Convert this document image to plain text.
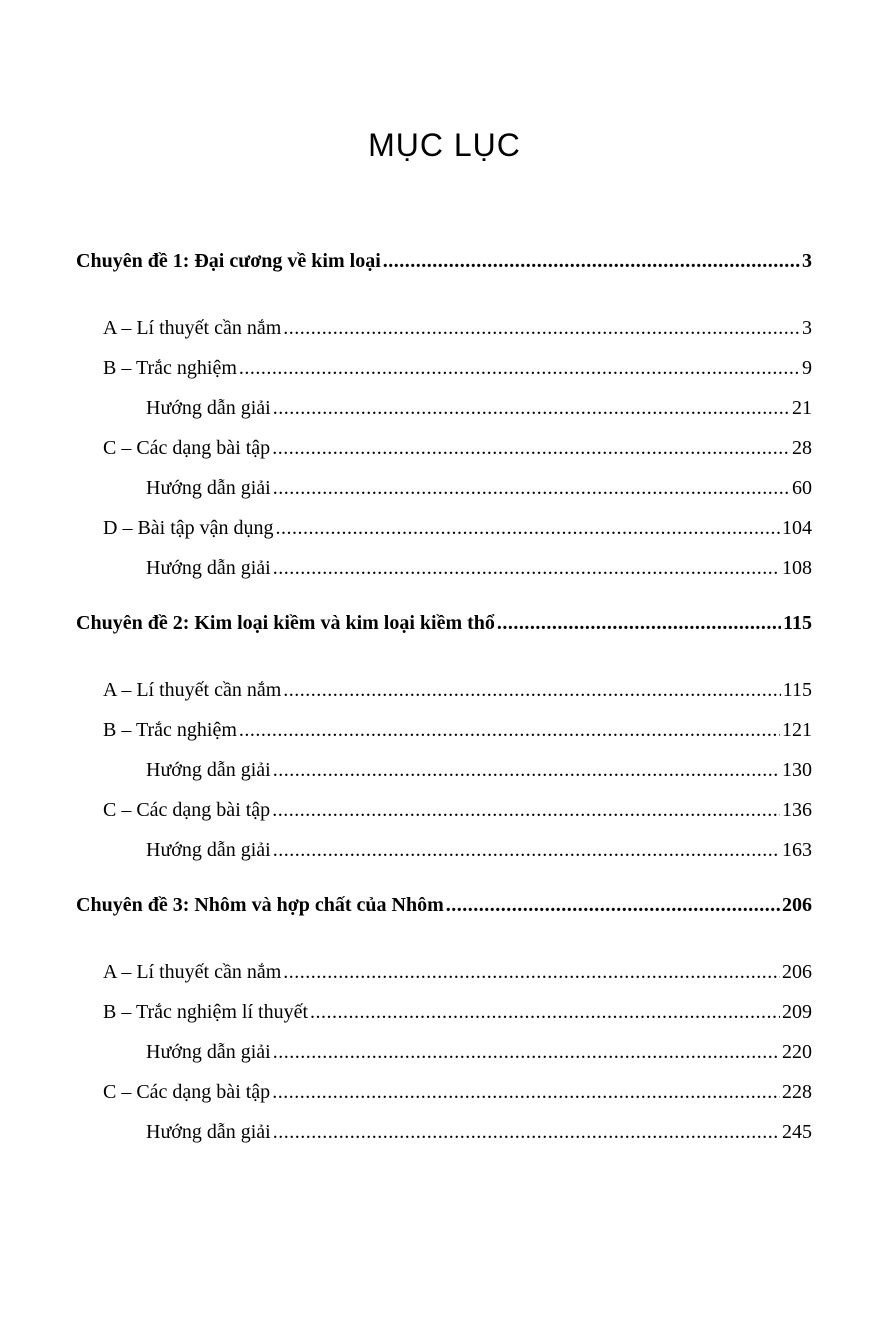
MỤC LỤC
Chuyên đề 1: Đại cương về kim loại .....	3
A – Lí thuyết cần nắm .....	3
B – Trắc nghiệm .....	9
Hướng dẫn giải .....	21
C – Các dạng bài tập .....	28
Hướng dẫn giải .....	60
D – Bài tập vận dụng .....	104
Hướng dẫn giải .....	108
Chuyên đề 2: Kim loại kiềm và kim loại kiềm thổ .....	115
A – Lí thuyết cần nắm .....	115
B – Trắc nghiệm .....	121
Hướng dẫn giải .....	130
C – Các dạng bài tập .....	136
Hướng dẫn giải .....	163
Chuyên đề 3: Nhôm và hợp chất của Nhôm .....	206
A – Lí thuyết cần nắm .....	206
B – Trắc nghiệm lí thuyết .....	209
Hướng dẫn giải .....	220
C – Các dạng bài tập .....	228
Hướng dẫn giải .....	245
